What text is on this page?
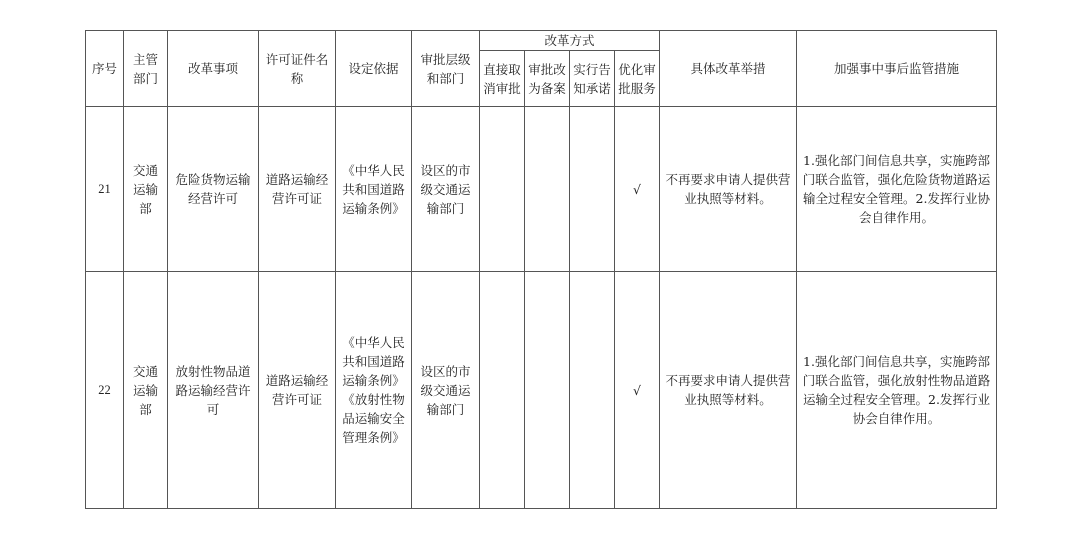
序号	主管部门	改革事项	许可证件名称	设定依据	审批层级和部门	改革方式				具体改革举措	加强事中事后监管措施
						直接取消审批	审批改为备案	实行告知承诺	优化审批服务		
21	交通运输部	危险货物运输经营许可	道路运输经营许可证	《中华人民共和国道路运输条例》	设区的市级交通运输部门				√	不再要求申请人提供营业执照等材料。	1.强化部门间信息共享，实施跨部门联合监管，强化危险货物道路运输全过程安全管理。2.发挥行业协会自律作用。
22	交通运输部	放射性物品道路运输经营许可	道路运输经营许可证	《中华人民共和国道路运输条例》《放射性物品运输安全管理条例》	设区的市级交通运输部门				√	不再要求申请人提供营业执照等材料。	1.强化部门间信息共享，实施跨部门联合监管，强化放射性物品道路运输全过程安全管理。2.发挥行业协会自律作用。
